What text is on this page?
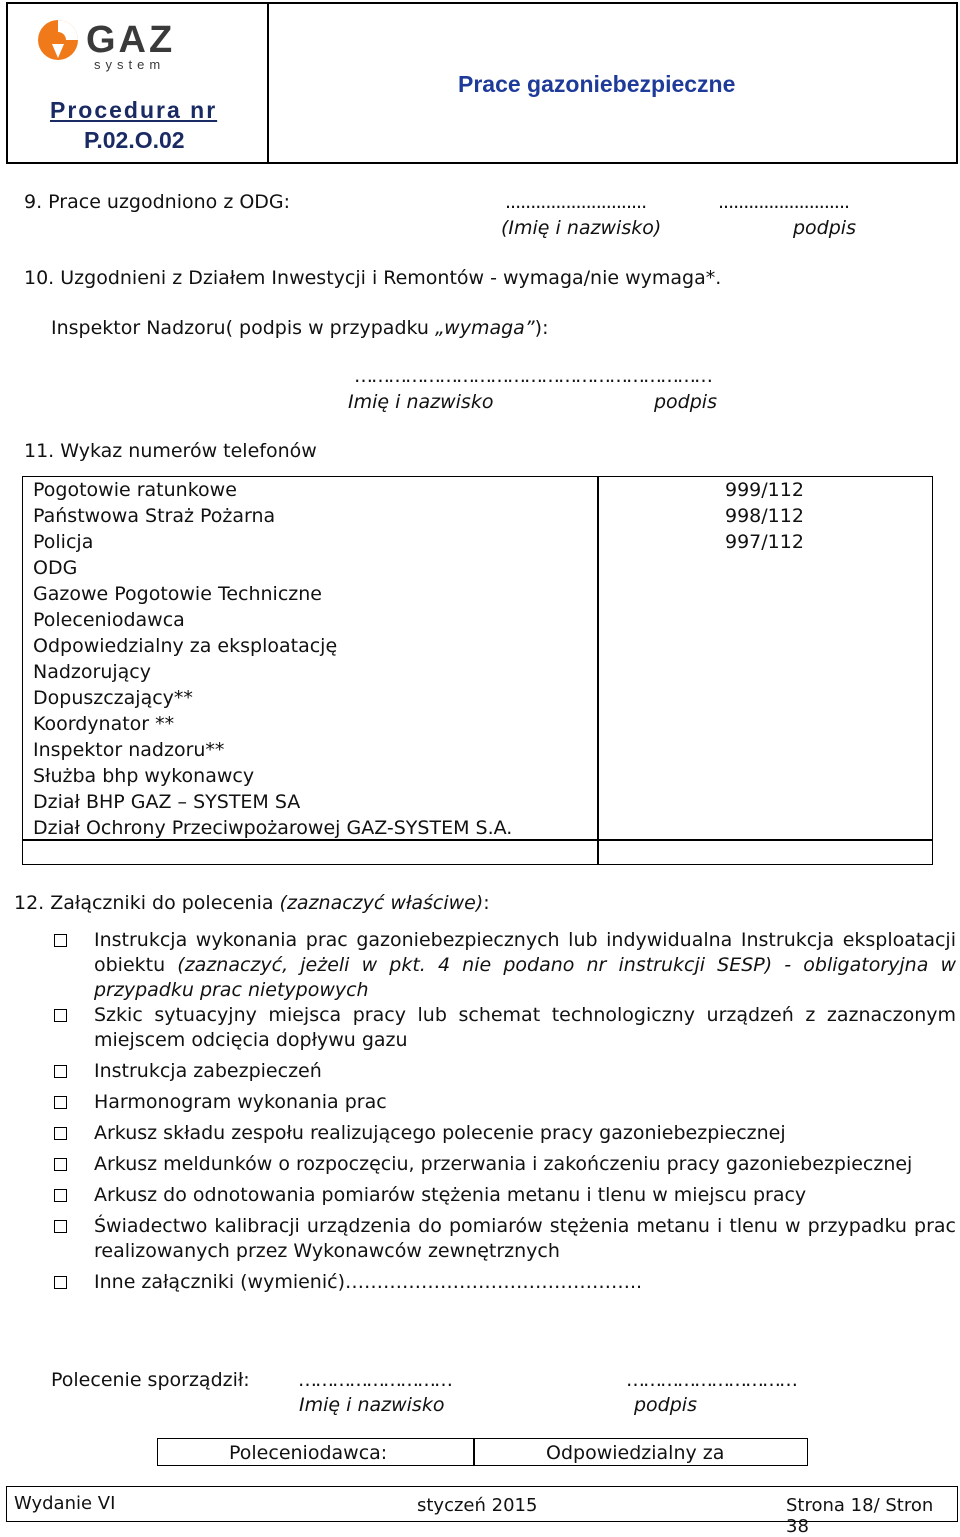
GAZ
system
Procedura nr
P.02.O.02
Prace gazoniebezpieczne
9. Prace uzgodniono z ODG:	............................	..........................
(Imię i nazwisko)	podpis
10. Uzgodnieni z Działem Inwestycji i Remontów - wymaga/nie wymaga*.
Inspektor Nadzoru( podpis w przypadku „wymaga”):
………………………………………………………
Imię i nazwisko	podpis
11. Wykaz numerów telefonów
Pogotowie ratunkowe	999/112
Państwowa Straż Pożarna	998/112
Policja	997/112
ODG
Gazowe Pogotowie Techniczne
Poleceniodawca
Odpowiedzialny za eksploatację
Nadzorujący
Dopuszczający**
Koordynator **
Inspektor nadzoru**
Służba bhp wykonawcy
Dział BHP GAZ – SYSTEM SA
Dział Ochrony Przeciwpożarowej GAZ-SYSTEM S.A.
12. Załączniki do polecenia (zaznaczyć właściwe):
Instrukcja wykonania prac gazoniebezpiecznych lub indywidualna Instrukcja eksploatacji obiektu (zaznaczyć, jeżeli w pkt. 4 nie podano nr instrukcji SESP) - obligatoryjna w przypadku prac nietypowych
Szkic sytuacyjny miejsca pracy lub schemat technologiczny urządzeń z zaznaczonym miejscem odcięcia dopływu gazu
Instrukcja zabezpieczeń
Harmonogram wykonania prac
Arkusz składu zespołu realizującego polecenie pracy gazoniebezpiecznej
Arkusz meldunków o rozpoczęciu, przerwania i zakończeniu pracy gazoniebezpiecznej
Arkusz do odnotowania pomiarów stężenia metanu i tlenu w miejscu pracy
Świadectwo kalibracji urządzenia do pomiarów stężenia metanu i tlenu w przypadku prac realizowanych przez Wykonawców zewnętrznych
Inne załączniki (wymienić)………………………………………..
Polecenie sporządził:	………………………	…………………………
Imię i nazwisko	podpis
Poleceniodawca:	Odpowiedzialny za
Wydanie VI	styczeń 2015	Strona 18/ Stron 38
